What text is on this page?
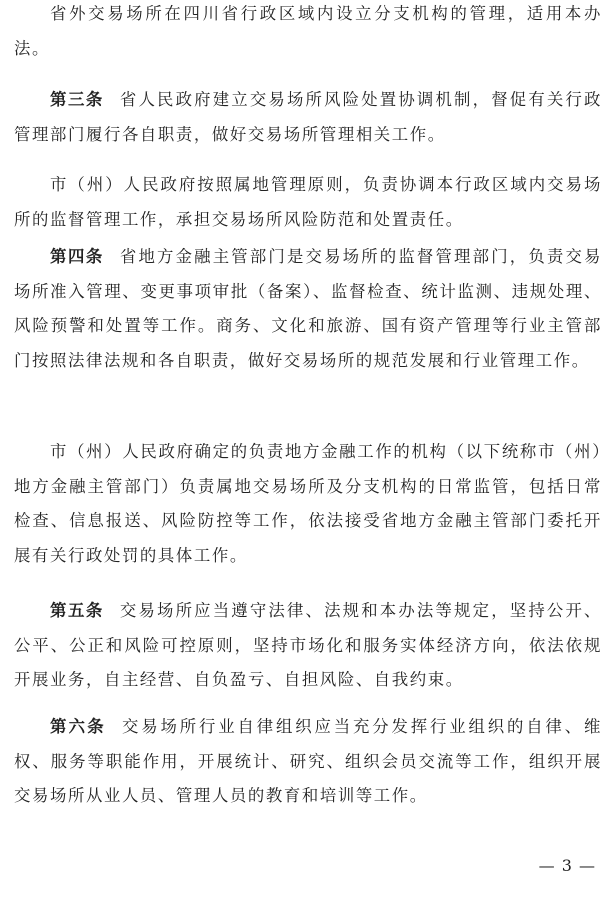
省外交易场所在四川省行政区域内设立分支机构的管理，适用本办法。

第三条 省人民政府建立交易场所风险处置协调机制，督促有关行政管理部门履行各自职责，做好交易场所管理相关工作。

市（州）人民政府按照属地管理原则，负责协调本行政区域内交易场所的监督管理工作，承担交易场所风险防范和处置责任。

第四条 省地方金融主管部门是交易场所的监督管理部门，负责交易场所准入管理、变更事项审批（备案）、监督检查、统计监测、违规处理、风险预警和处置等工作。商务、文化和旅游、国有资产管理等行业主管部门按照法律法规和各自职责，做好交易场所的规范发展和行业管理工作。

市（州）人民政府确定的负责地方金融工作的机构（以下统称市（州）地方金融主管部门）负责属地交易场所及分支机构的日常监管，包括日常检查、信息报送、风险防控等工作，依法接受省地方金融主管部门委托开展有关行政处罚的具体工作。

第五条 交易场所应当遵守法律、法规和本办法等规定，坚持公开、公平、公正和风险可控原则，坚持市场化和服务实体经济方向，依法依规开展业务，自主经营、自负盈亏、自担风险、自我约束。

第六条 交易场所行业自律组织应当充分发挥行业组织的自律、维权、服务等职能作用，开展统计、研究、组织会员交流等工作，组织开展交易场所从业人员、管理人员的教育和培训等工作。

— 3 —
